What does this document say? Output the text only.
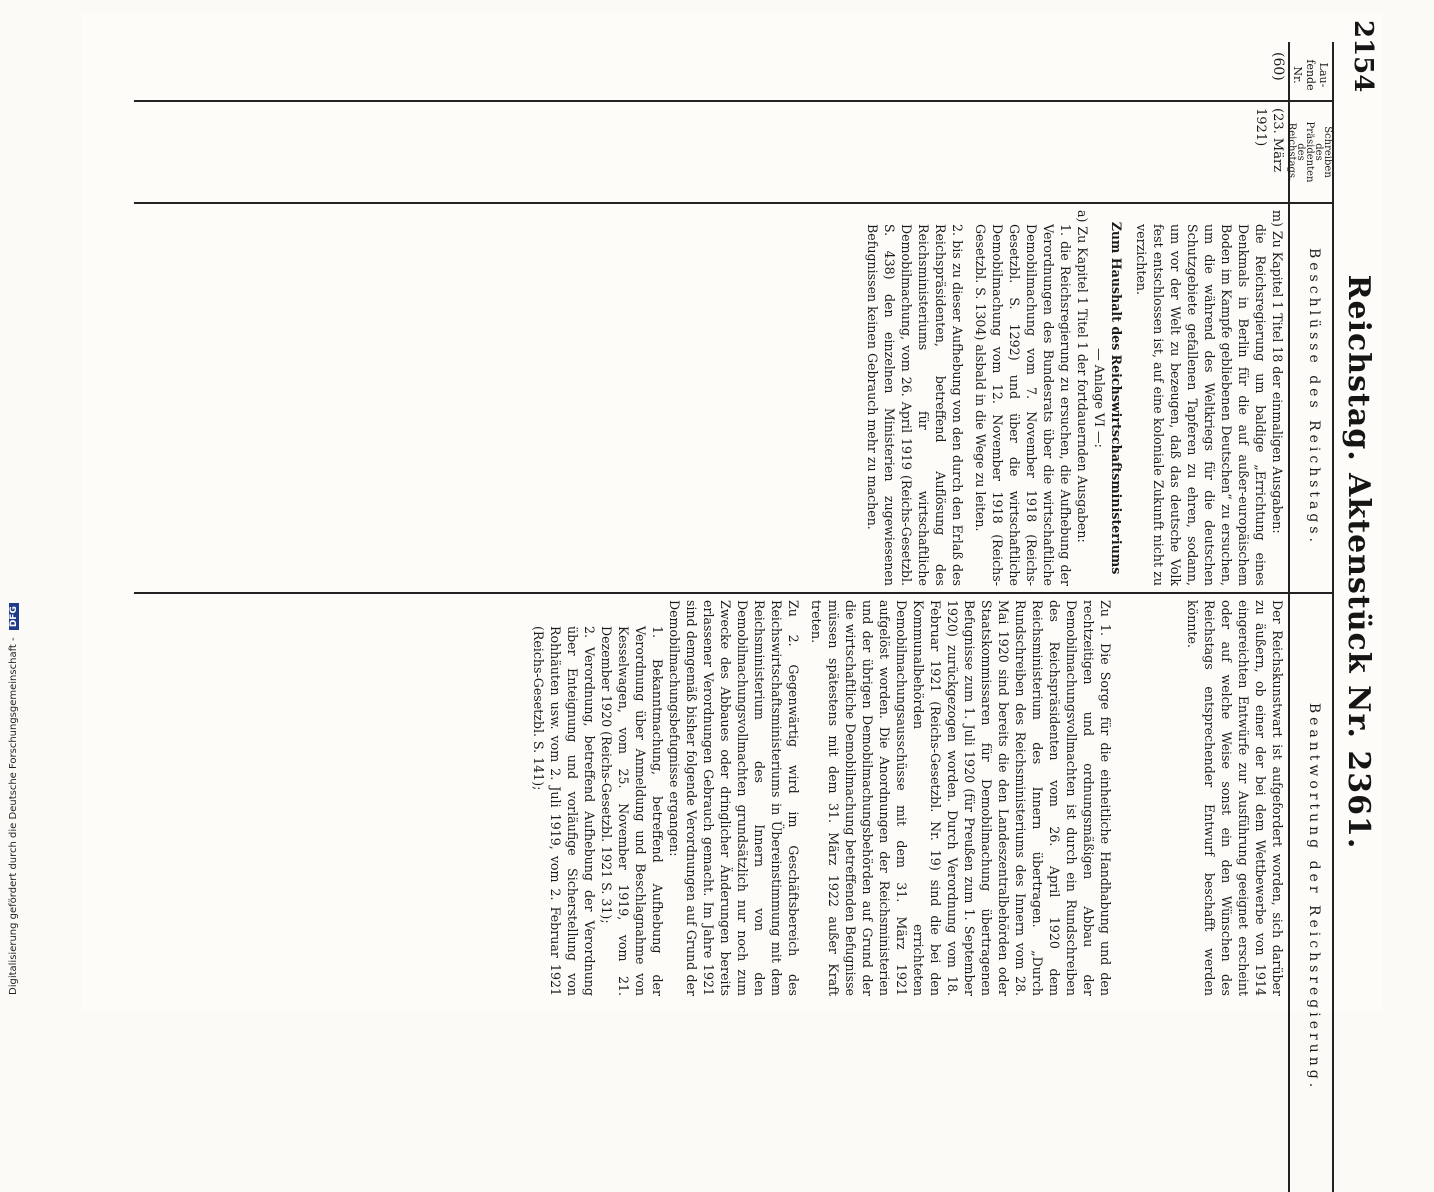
2154
Reichstag. Aktenstück Nr. 2361.
Lau-
fende
Nr.
Schreiben
des
Präsidenten
des
Reichstags.
Beschlüsse des Reichstags.
Beantwortung der Reichsregierung.
(60)
(23. März
1921)

m) Zu Kapitel 1 Titel 18 der einmaligen Ausgaben:

die Reichsregierung um baldige „Errichtung eines Denkmals in Berlin für die auf außer-europäischem Boden im Kampfe gebliebenen Deutschen“ zu ersuchen, um die während des Weltkriegs für die deutschen Schutzgebiete gefallenen Tapferen zu ehren, sodann, um vor der Welt zu bezeugen, daß das deutsche Volk fest entschlossen ist, auf eine koloniale Zukunft nicht zu verzichten.

Zum Haushalt des Reichswirtschaftsministeriums

— Anlage VI —:

a) Zu Kapitel 1 Titel 1 der fortdauernden Ausgaben:

1. die Reichsregierung zu ersuchen, die Aufhebung der Verordnungen des Bundesrats über die wirtschaftliche Demobilmachung vom 7. November 1918 (Reichs-Gesetzbl. S. 1292) und über die wirtschaftliche Demobilmachung vom 12. November 1918 (Reichs-Gesetzbl. S. 1304) alsbald in die Wege zu leiten.

2. bis zu dieser Aufhebung von den durch den Erlaß des Reichspräsidenten, betreffend Auflösung des Reichsministeriums für wirtschaftliche Demobilmachung, vom 26. April 1919 (Reichs-Gesetzbl. S. 438) den einzelnen Ministerien zugewiesenen Befugnissen keinen Gebrauch mehr zu machen.

Der Reichskunstwart ist aufgefordert worden, sich darüber zu äußern, ob einer der bei dem Wettbewerbe von 1914 eingereichten Entwürfe zur Ausführung geeignet erscheint oder auf welche Weise sonst ein den Wünschen des Reichstags entsprechender Entwurf beschafft werden könnte.

Zu 1. Die Sorge für die einheitliche Handhabung und den rechtzeitigen und ordnungsmäßigen Abbau der Demobilmachungsvollmachten ist durch ein Rundschreiben des Reichspräsidenten vom 26. April 1920 dem Reichsministerium des Innern übertragen. „Durch Rundschreiben des Reichsministeriums des Innern vom 28. Mai 1920 sind bereits die den Landeszentralbehörden oder Staatskommissaren für Demobilmachung übertragenen Befugnisse zum 1. Juli 1920 (für Preußen zum 1. September 1920) zurückgezogen worden. Durch Verordnung vom 18. Februar 1921 (Reichs-Gesetzbl. Nr. 19) sind die bei den Kommunalbehörden errichteten Demobilmachungsausschüsse mit dem 31. März 1921 aufgelöst worden. Die Anordnungen der Reichsministerien und der übrigen Demobilmachungsbehörden auf Grund der die wirtschaftliche Demobilmachung betreffenden Befugnisse müssen spätestens mit dem 31. März 1922 außer Kraft treten.

Zu 2. Gegenwärtig wird im Geschäftsbereich des Reichswirtschaftsministeriums in Übereinstimmung mit dem Reichsministerium des Innern von den Demobilmachungsvollmachten grundsätzlich nur noch zum Zwecke des Abbaues oder dringlicher Änderungen bereits erlassener Verordnungen Gebrauch gemacht. Im Jahre 1921 sind demgemäß bisher folgende Verordnungen auf Grund der Demobilmachungsbefugnisse ergangen:

1. Bekanntmachung, betreffend Aufhebung der Verordnung über Anmeldung und Beschlagnahme von Kesselwagen, vom 25. November 1919, vom 21. Dezember 1920 (Reichs-Gesetzbl. 1921 S. 31);

2. Verordnung, betreffend Aufhebung der Verordnung über Enteignung und vorläufige Sicherstellung von Rohhäuten usw. vom 2. Juli 1919, vom 2. Februar 1921 (Reichs-Gesetzbl. S. 141);

Digitalisierung gefördert durch die Deutsche Forschungsgemeinschaft - DFG
